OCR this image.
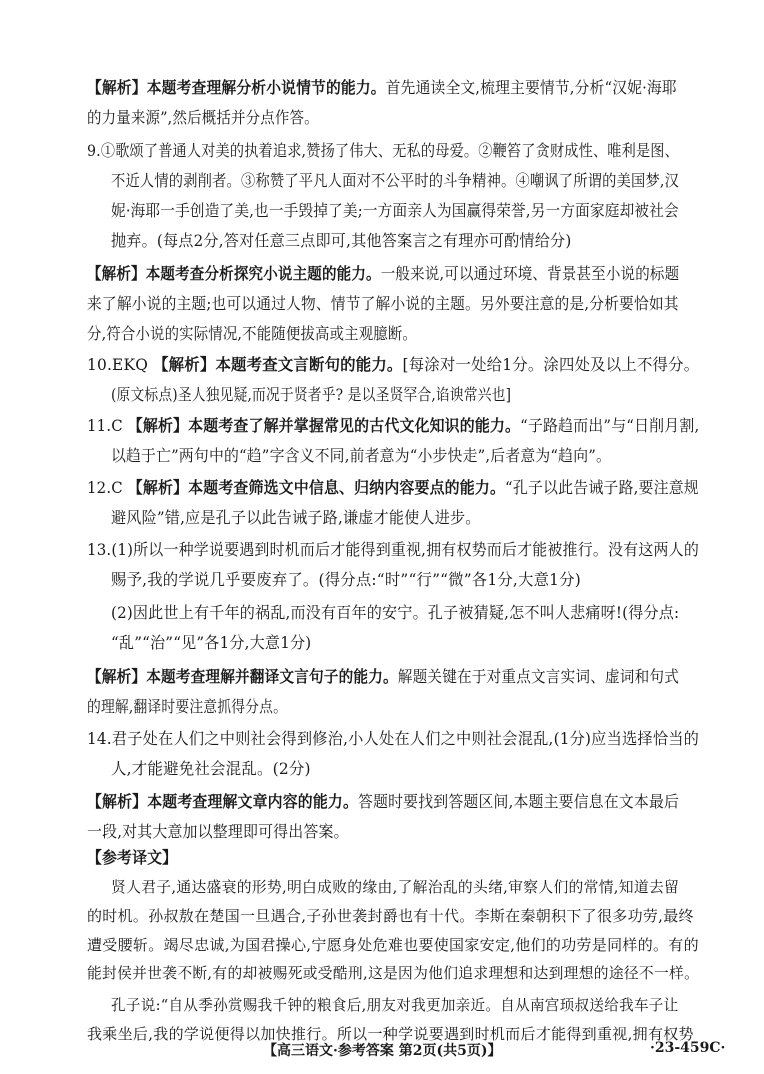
【解析】本题考查理解分析小说情节的能力。首先通读全文,梳理主要情节,分析“汉妮·海耶
的力量来源”,然后概括并分点作答。
9.①歌颂了普通人对美的执着追求,赞扬了伟大、无私的母爱。②鞭笞了贪财成性、唯利是图、
不近人情的剥削者。③称赞了平凡人面对不公平时的斗争精神。④嘲讽了所谓的美国梦,汉
妮·海耶一手创造了美,也一手毁掉了美;一方面亲人为国赢得荣誉,另一方面家庭却被社会
抛弃。(每点2分,答对任意三点即可,其他答案言之有理亦可酌情给分)
【解析】本题考查分析探究小说主题的能力。一般来说,可以通过环境、背景甚至小说的标题
来了解小说的主题;也可以通过人物、情节了解小说的主题。另外要注意的是,分析要恰如其
分,符合小说的实际情况,不能随便拔高或主观臆断。
10.EKQ 【解析】本题考查文言断句的能力。[每涂对一处给1分。涂四处及以上不得分。
(原文标点)圣人独见疑,而况于贤者乎? 是以圣贤罕合,谄谀常兴也]
11.C 【解析】本题考查了解并掌握常见的古代文化知识的能力。“子路趋而出”与“日削月割,
以趋于亡”两句中的“趋”字含义不同,前者意为“小步快走”,后者意为“趋向”。
12.C 【解析】本题考查筛选文中信息、归纳内容要点的能力。“孔子以此告诫子路,要注意规
避风险”错,应是孔子以此告诫子路,谦虚才能使人进步。
13.(1)所以一种学说要遇到时机而后才能得到重视,拥有权势而后才能被推行。没有这两人的
赐予,我的学说几乎要废弃了。(得分点:“时”“行”“微”各1分,大意1分)
(2)因此世上有千年的祸乱,而没有百年的安宁。孔子被猜疑,怎不叫人悲痛呀!(得分点:
“乱”“治”“见”各1分,大意1分)
【解析】本题考查理解并翻译文言句子的能力。解题关键在于对重点文言实词、虚词和句式
的理解,翻译时要注意抓得分点。
14.君子处在人们之中则社会得到修治,小人处在人们之中则社会混乱,(1分)应当选择恰当的
人,才能避免社会混乱。(2分)
【解析】本题考查理解文章内容的能力。答题时要找到答题区间,本题主要信息在文本最后
一段,对其大意加以整理即可得出答案。
【参考译文】
贤人君子,通达盛衰的形势,明白成败的缘由,了解治乱的头绪,审察人们的常情,知道去留
的时机。孙叔敖在楚国一旦遇合,子孙世袭封爵也有十代。李斯在秦朝积下了很多功劳,最终
遭受腰斩。竭尽忠诚,为国君操心,宁愿身处危难也要使国家安定,他们的功劳是同样的。有的
能封侯并世袭不断,有的却被赐死或受酷刑,这是因为他们追求理想和达到理想的途径不一样。
孔子说:“自从季孙赏赐我千钟的粮食后,朋友对我更加亲近。自从南宫顼叔送给我车子让
我乘坐后,我的学说便得以加快推行。所以一种学说要遇到时机而后才能得到重视,拥有权势
【高三语文·参考答案 第2页(共5页)】	·23-459C·
